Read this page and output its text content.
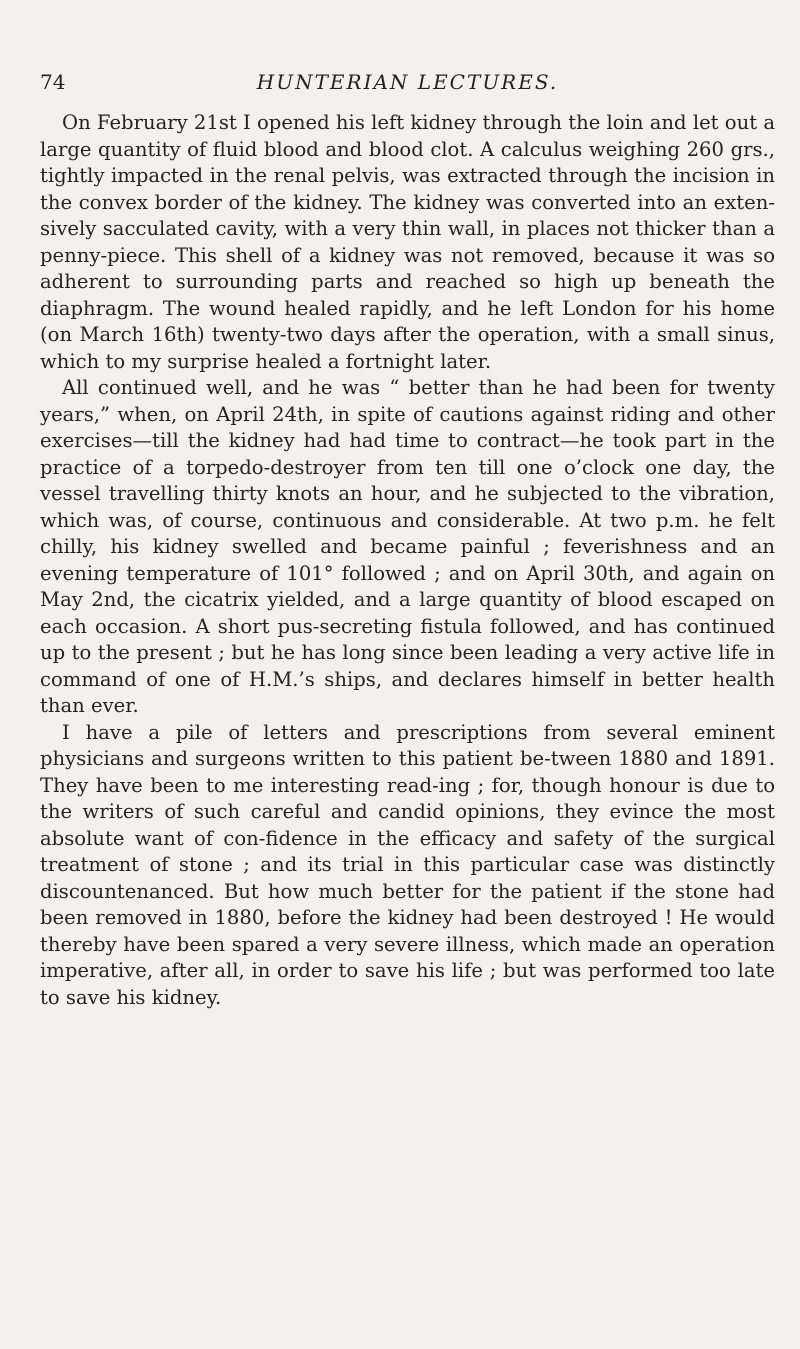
74	HUNTERIAN LECTURES.

On February 21st I opened his left kidney through the loin and let out a large quantity of fluid blood and blood clot. A calculus weighing 260 grs., tightly impacted in the renal pelvis, was extracted through the incision in the convex border of the kidney. The kidney was converted into an exten-sively sacculated cavity, with a very thin wall, in places not thicker than a penny-piece. This shell of a kidney was not removed, because it was so adherent to surrounding parts and reached so high up beneath the diaphragm. The wound healed rapidly, and he left London for his home (on March 16th) twenty-two days after the operation, with a small sinus, which to my surprise healed a fortnight later.

All continued well, and he was “ better than he had been for twenty years,” when, on April 24th, in spite of cautions against riding and other exercises—till the kidney had had time to contract—he took part in the practice of a torpedo-destroyer from ten till one o’clock one day, the vessel travelling thirty knots an hour, and he subjected to the vibration, which was, of course, continuous and considerable. At two p.m. he felt chilly, his kidney swelled and became painful ; feverishness and an evening temperature of 101° followed ; and on April 30th, and again on May 2nd, the cicatrix yielded, and a large quantity of blood escaped on each occasion. A short pus-secreting fistula followed, and has continued up to the present ; but he has long since been leading a very active life in command of one of H.M.’s ships, and declares himself in better health than ever.

I have a pile of letters and prescriptions from several eminent physicians and surgeons written to this patient be-tween 1880 and 1891. They have been to me interesting read-ing ; for, though honour is due to the writers of such careful and candid opinions, they evince the most absolute want of con-fidence in the efficacy and safety of the surgical treatment of stone ; and its trial in this particular case was distinctly discountenanced. But how much better for the patient if the stone had been removed in 1880, before the kidney had been destroyed ! He would thereby have been spared a very severe illness, which made an operation imperative, after all, in order to save his life ; but was performed too late to save his kidney.
